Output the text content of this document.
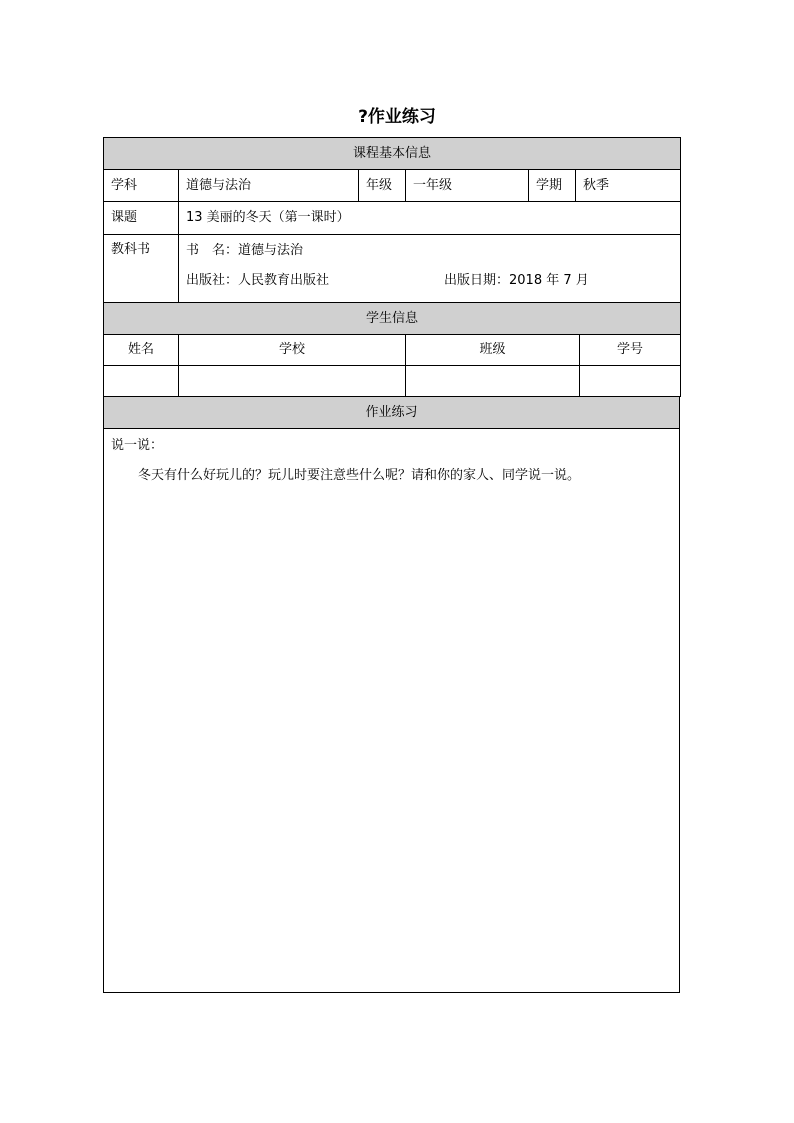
?作业练习
课程基本信息					
学科	道德与法治	年级	一年级	学期	秋季
课题	13 美丽的冬天（第一课时）				
教科书	书　名：道德与法治
出版社：人民教育出版社 出版日期：2018 年 7 月				
学生信息			
姓名	学校	班级	学号

作业练习
说一说：
冬天有什么好玩儿的？玩儿时要注意些什么呢？请和你的家人、同学说一说。
